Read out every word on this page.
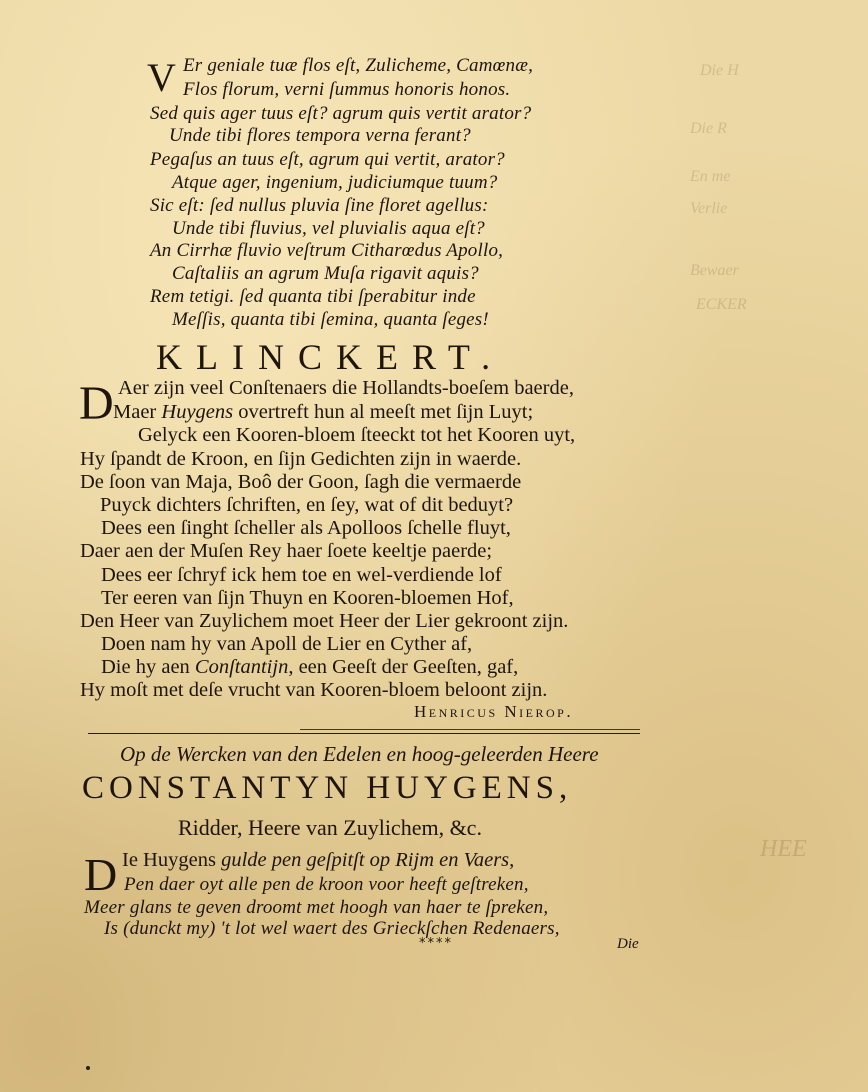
Die H
Die R
En me
Verlie
Bewaer
ECKER
HEE
V Er geniale tuæ flos eſt, Zulicheme, Camœnæ,
Flos florum, verni ſummus honoris honos.
Sed quis ager tuus eſt? agrum quis vertit arator?
Unde tibi flores tempora verna ferant?
Pegaſus an tuus eſt, agrum qui vertit, arator?
Atque ager, ingenium, judiciumque tuum?
Sic eſt: ſed nullus pluvia ſine floret agellus:
Unde tibi fluvius, vel pluvialis aqua eſt?
An Cirrhæ fluvio veſtrum Citharœdus Apollo,
Caſtaliis an agrum Muſa rigavit aquis?
Rem tetigi. ſed quanta tibi ſperabitur inde
Meſſis, quanta tibi ſemina, quanta ſeges!
KLINCKERT.
D Aer zijn veel Conſtenaers die Hollandts-boeſem baerde,
Maer Huygens overtreft hun al meeſt met ſijn Luyt;
Gelyck een Kooren-bloem ſteeckt tot het Kooren uyt,
Hy ſpandt de Kroon, en ſijn Gedichten zijn in waerde.
De ſoon van Maja, Boô der Goon, ſagh die vermaerde
Puyck dichters ſchriften, en ſey, wat of dit beduyt?
Dees een ſinght ſcheller als Apolloos ſchelle fluyt,
Daer aen der Muſen Rey haer ſoete keeltje paerde;
Dees eer ſchryf ick hem toe en wel-verdiende lof
Ter eeren van ſijn Thuyn en Kooren-bloemen Hof,
Den Heer van Zuylichem moet Heer der Lier gekroont zijn.
Doen nam hy van Apoll de Lier en Cyther af,
Die hy aen Conſtantijn, een Geeſt der Geeſten, gaf,
Hy moſt met deſe vrucht van Kooren-bloem beloont zijn.
Henricus Nierop.
Op de Wercken van den Edelen en hoog-geleerden Heere
CONSTANTYN HUYGENS,
Ridder, Heere van Zuylichem, &c.
D Ie Huygens gulde pen geſpitſt op Rijm en Vaers,
Pen daer oyt alle pen de kroon voor heeft geſtreken,
Meer glans te geven droomt met hoogh van haer te ſpreken,
Is (dunckt my) 't lot wel waert des Grieckſchen Redenaers,
****	Die
